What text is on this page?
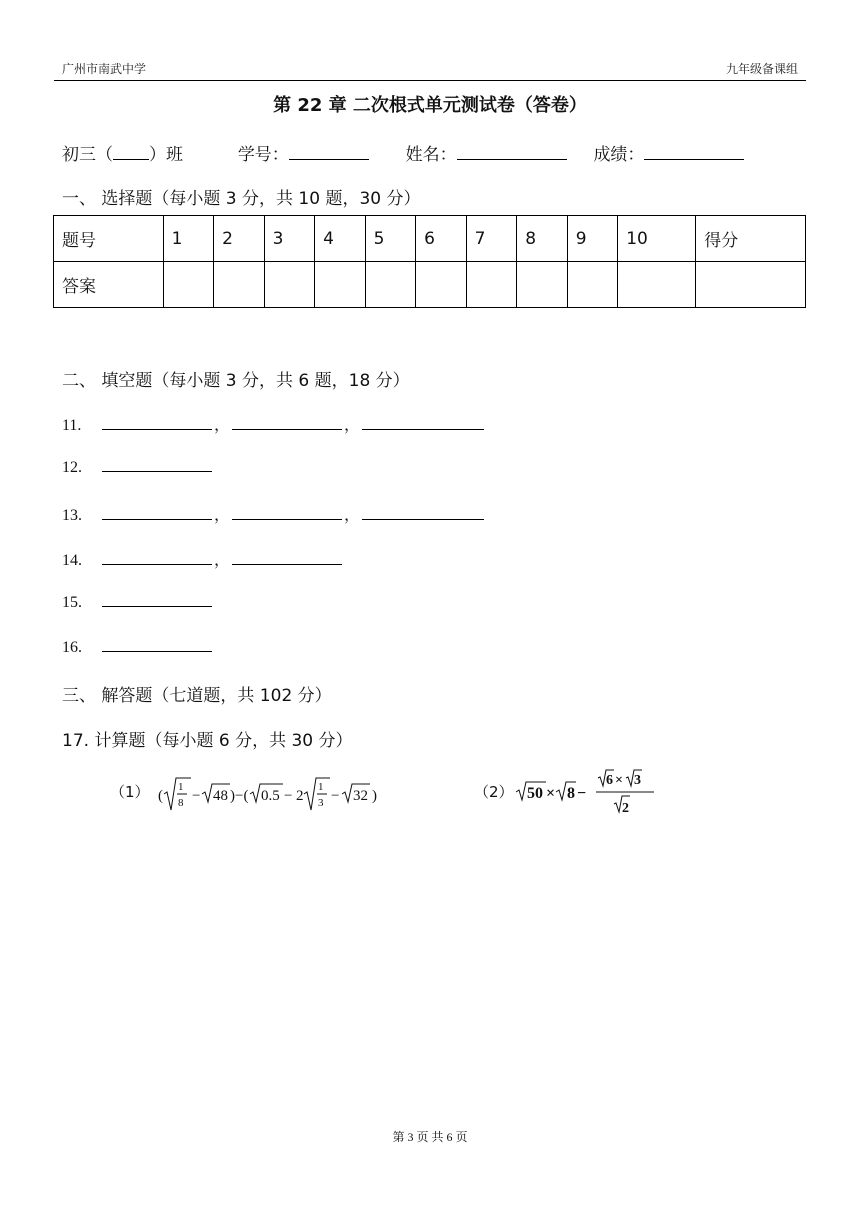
广州市南武中学	九年级备课组
第 22 章 二次根式单元测试卷（答卷）
初三（ ）班	学号：	姓名：	成绩：
一、 选择题（每小题 3 分，共 10 题，30 分）
题号	1	2	3	4	5	6	7	8	9	10	得分
答案											
二、 填空题（每小题 3 分，共 6 题，18 分）
11.	，	，
12.
13.	，	，
14.	，
15.
16.
三、 解答题（七道题，共 102 分）
17. 计算题（每小题 6 分，共 30 分）
（1） (
1
8 − 48 )−( 0.5 − 2
1
3 − 32 )	（2） 50 × 8 −
6 × 3
2
第 3 页 共 6 页
